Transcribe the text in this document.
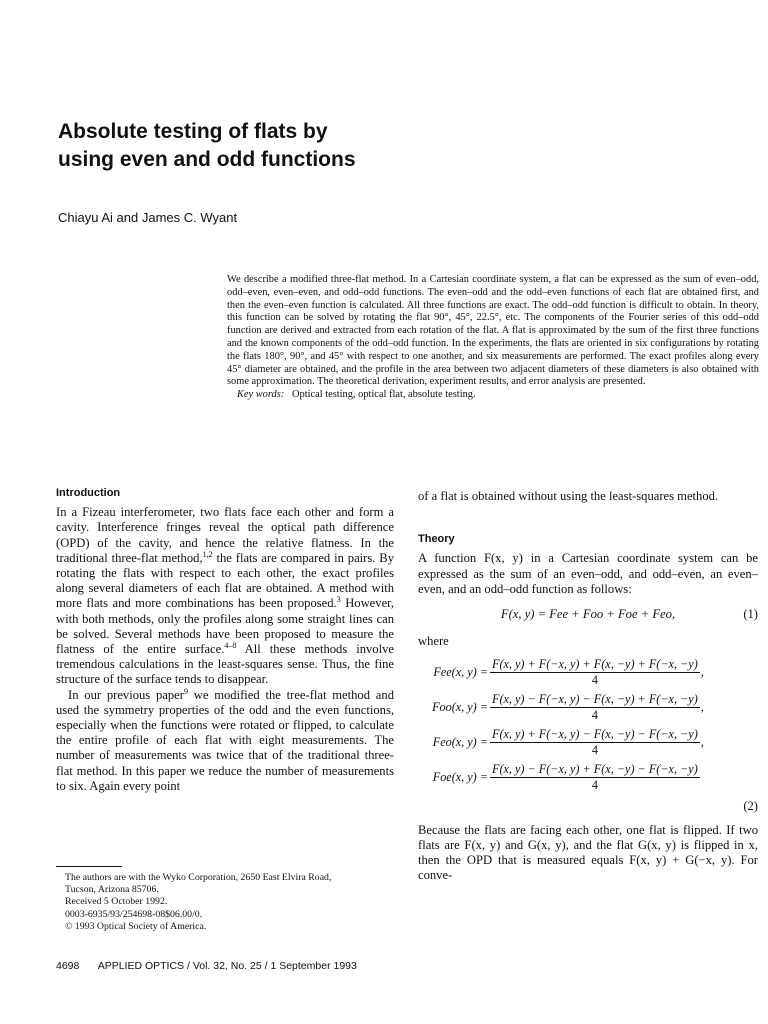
Absolute testing of flats by
using even and odd functions
Chiayu Ai and James C. Wyant

We describe a modified three-flat method. In a Cartesian coordinate system, a flat can be expressed as the sum of even–odd, odd–even, even–even, and odd–odd functions. The even–odd and the odd–even functions of each flat are obtained first, and then the even–even function is calculated. All three functions are exact. The odd–odd function is difficult to obtain. In theory, this function can be solved by rotating the flat 90°, 45°, 22.5°, etc. The components of the Fourier series of this odd–odd function are derived and extracted from each rotation of the flat. A flat is approximated by the sum of the first three functions and the known components of the odd–odd function. In the experiments, the flats are oriented in six configurations by rotating the flats 180°, 90°, and 45° with respect to one another, and six measurements are performed. The exact profiles along every 45° diameter are obtained, and the profile in the area between two adjacent diameters of these diameters is also obtained with some approximation. The theoretical derivation, experiment results, and error analysis are presented.

Key words: Optical testing, optical flat, absolute testing.

Introduction

In a Fizeau interferometer, two flats face each other and form a cavity. Interference fringes reveal the optical path difference (OPD) of the cavity, and hence the relative flatness. In the traditional three-flat method,$^{1,2}$ the flats are compared in pairs. By rotating the flats with respect to each other, the exact profiles along several diameters of each flat are obtained. A method with more flats and more combinations has been proposed.$^3$ However, with both methods, only the profiles along some straight lines can be solved. Several methods have been proposed to measure the flatness of the entire surface.$^{4-8}$ All these methods involve tremendous calculations in the least-squares sense. Thus, the fine structure of the surface tends to disappear.

In our previous paper$^9$ we modified the tree-flat method and used the symmetry properties of the odd and the even functions, especially when the functions were rotated or flipped, to calculate the entire profile of each flat with eight measurements. The number of measurements was twice that of the traditional three-flat method. In this paper we reduce the number of measurements to six. Again every point

The authors are with the Wyko Corporation, 2650 East Elvira Road, Tucson, Arizona 85706.

Received 5 October 1992.

0003-6935/93/254698-08$06.00/0.

© 1993 Optical Society of America.

4698 APPLIED OPTICS / Vol. 32, No. 25 / 1 September 1993

of a flat is obtained without using the least-squares method.

Theory

A function F(x, y) in a Cartesian coordinate system can be expressed as the sum of an even–odd, and odd–even, an even–even, and an odd–odd function as follows:

F(x, y) = Fee + Foo + Foe + Feo,	(1)

where

Fee(x, $y) = \frac{F(x, y) + F(-x, y) + F(x, -y) + F(-x, -y)}{4}$ ,
Foo(x, $y) = \frac{F(x, y) - F(-x, y) - F(x, -y) + F(-x, -y)}{4}$ ,
Feo(x, $y) = \frac{F(x, y) + F(-x, y) - F(x, -y) - F(-x, -y)}{4}$ ,
Foe(x, $y) = \frac{F(x, y) - F(-x, y) + F(x, -y) - F(-x, -y)}{4}$
(2)

Because the flats are facing each other, one flat is flipped. If two flats are F(x, y) and G(x, y), and the flat G(x, y) is flipped in x, then the OPD that is measured equals F(x, y) + G(−x, y). For conve-
